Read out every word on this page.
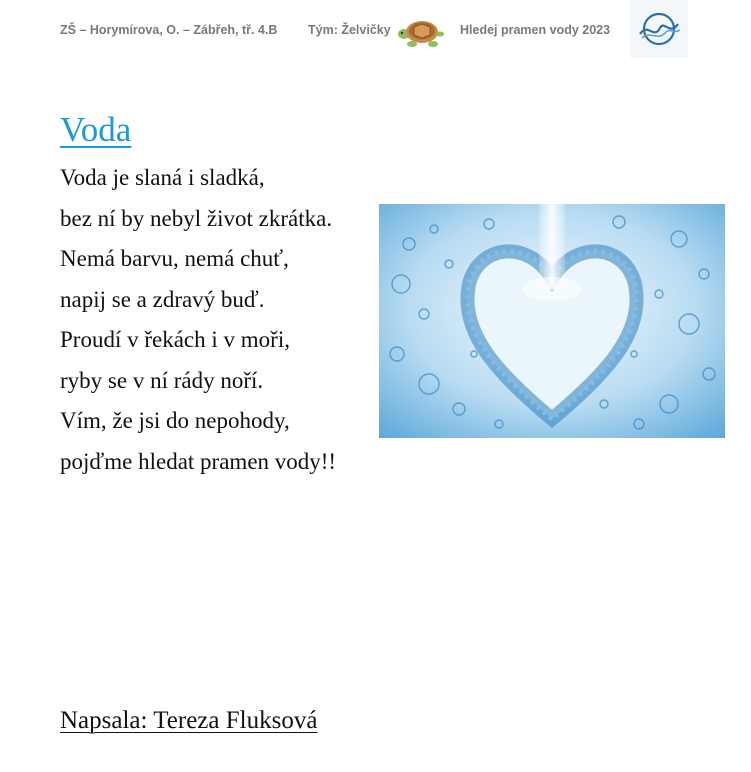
ZŠ – Horymírova, O. – Zábřeh, tř. 4.B Tým: Želvičky	Hledej pramen vody 2023
Voda
Voda je slaná i sladká,
bez ní by nebyl život zkrátka.
Nemá barvu, nemá chuť,
napij se a zdravý buď.
Proudí v řekách i v moři,
ryby se v ní rády noří.
Vím, že jsi do nepohody,
pojďme hledat pramen vody!!
Napsala: Tereza Fluksová
